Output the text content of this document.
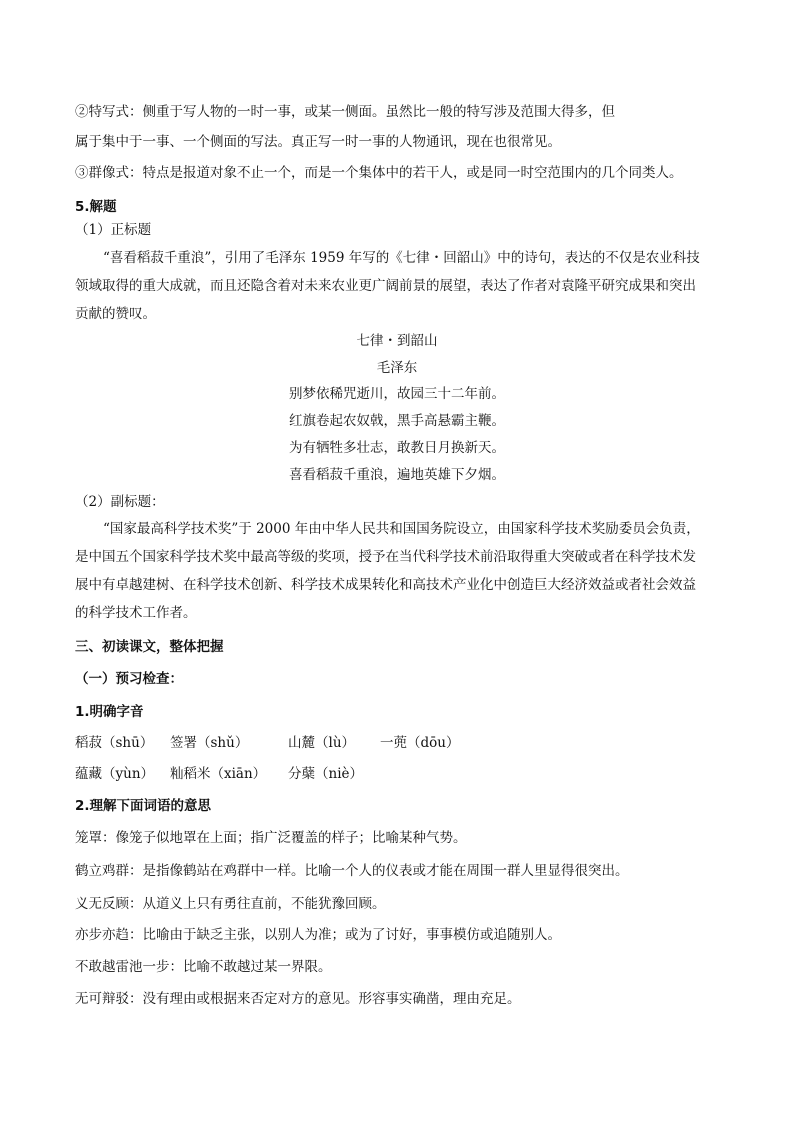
②特写式：侧重于写人物的一时一事，或某一侧面。虽然比一般的特写涉及范围大得多，但
属于集中于一事、一个侧面的写法。真正写一时一事的人物通讯，现在也很常见。
③群像式：特点是报道对象不止一个，而是一个集体中的若干人，或是同一时空范围内的几个同类人。
5.解题
（1）正标题
“喜看稻菽千重浪”，引用了毛泽东 1959 年写的《七律・回韶山》中的诗句，表达的不仅是农业科技
领域取得的重大成就，而且还隐含着对未来农业更广阔前景的展望，表达了作者对袁隆平研究成果和突出
贡献的赞叹。
七律・到韶山
毛泽东
别梦依稀咒逝川，故园三十二年前。
红旗卷起农奴戟，黑手高悬霸主鞭。
为有牺牲多壮志，敢教日月换新天。
喜看稻菽千重浪，遍地英雄下夕烟。
（2）副标题：
“国家最高科学技术奖”于 2000 年由中华人民共和国国务院设立，由国家科学技术奖励委员会负责，
是中国五个国家科学技术奖中最高等级的奖项，授予在当代科学技术前沿取得重大突破或者在科学技术发
展中有卓越建树、在科学技术创新、科学技术成果转化和高技术产业化中创造巨大经济效益或者社会效益
的科学技术工作者。
三、初读课文，整体把握
（一）预习检查：
1.明确字音
稻菽（shū） 签署（shǔ）	山麓（lù） 一蔸（dōu）
蕴藏（yùn） 籼稻米（xiān） 分蘖（niè）
2.理解下面词语的意思
笼罩：像笼子似地罩在上面；指广泛覆盖的样子；比喻某种气势。
鹤立鸡群：是指像鹤站在鸡群中一样。比喻一个人的仪表或才能在周围一群人里显得很突出。
义无反顾：从道义上只有勇往直前，不能犹豫回顾。
亦步亦趋：比喻由于缺乏主张，以别人为准；或为了讨好，事事模仿或追随别人。
不敢越雷池一步：比喻不敢越过某一界限。
无可辩驳：没有理由或根据来否定对方的意见。形容事实确凿，理由充足。
